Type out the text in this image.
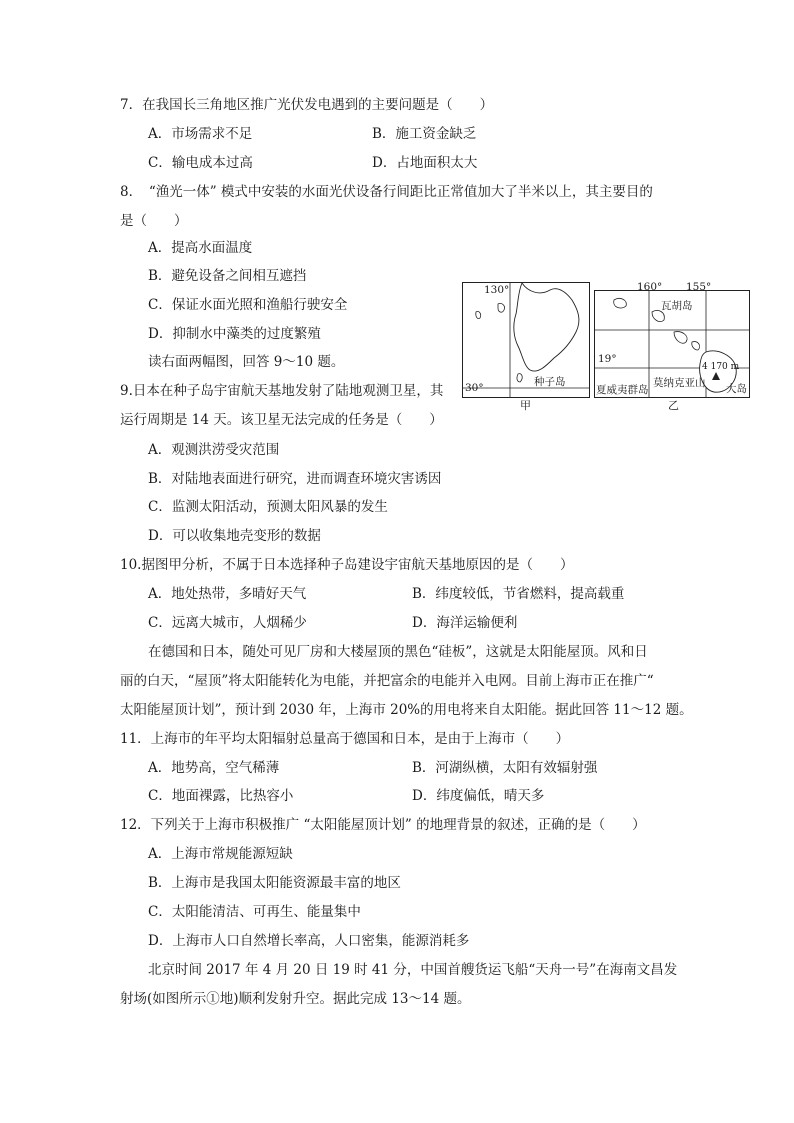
7．在我国长三角地区推广光伏发电遇到的主要问题是（　　）
A．市场需求不足	B．施工资金缺乏
C．输电成本过高	D．占地面积太大
8．　“渔光一体” 模式中安装的水面光伏设备行间距比正常值加大了半米以上，其主要目的
是（　　）
A．提高水面温度
B．避免设备之间相互遮挡
C．保证水面光照和渔船行驶安全
D．抑制水中藻类的过度繁殖
读右面两幅图，回答 9～10 题。
130°
30°	种子岛
甲
160° 155°
19°
瓦胡岛
4 170 m
莫纳克亚山 大岛
夏威夷群岛
乙
9.日本在种子岛宇宙航天基地发射了陆地观测卫星，其
运行周期是 14 天。该卫星无法完成的任务是（　　）
A．观测洪涝受灾范围
B．对陆地表面进行研究，进而调查环境灾害诱因
C．监测太阳活动，预测太阳风暴的发生
D．可以收集地壳变形的数据
10.据图甲分析，不属于日本选择种子岛建设宇宙航天基地原因的是（　　）
A．地处热带，多晴好天气	B．纬度较低，节省燃料，提高载重
C．远离大城市，人烟稀少	D．海洋运输便利
在德国和日本，随处可见厂房和大楼屋顶的黑色“硅板”，这就是太阳能屋顶。风和日
丽的白天，“屋顶”将太阳能转化为电能，并把富余的电能并入电网。目前上海市正在推广“
太阳能屋顶计划”，预计到 2030 年，上海市 20%的用电将来自太阳能。据此回答 11～12 题。
11．上海市的年平均太阳辐射总量高于德国和日本，是由于上海市（　　）
A．地势高，空气稀薄	B．河湖纵横，太阳有效辐射强
C．地面裸露，比热容小	D．纬度偏低，晴天多
12．下列关于上海市积极推广 “太阳能屋顶计划” 的地理背景的叙述，正确的是（　　）
A．上海市常规能源短缺
B．上海市是我国太阳能资源最丰富的地区
C．太阳能清洁、可再生、能量集中
D．上海市人口自然增长率高，人口密集，能源消耗多
北京时间 2017 年 4 月 20 日 19 时 41 分，中国首艘货运飞船“天舟一号”在海南文昌发
射场(如图所示①地)顺利发射升空。据此完成 13～14 题。
